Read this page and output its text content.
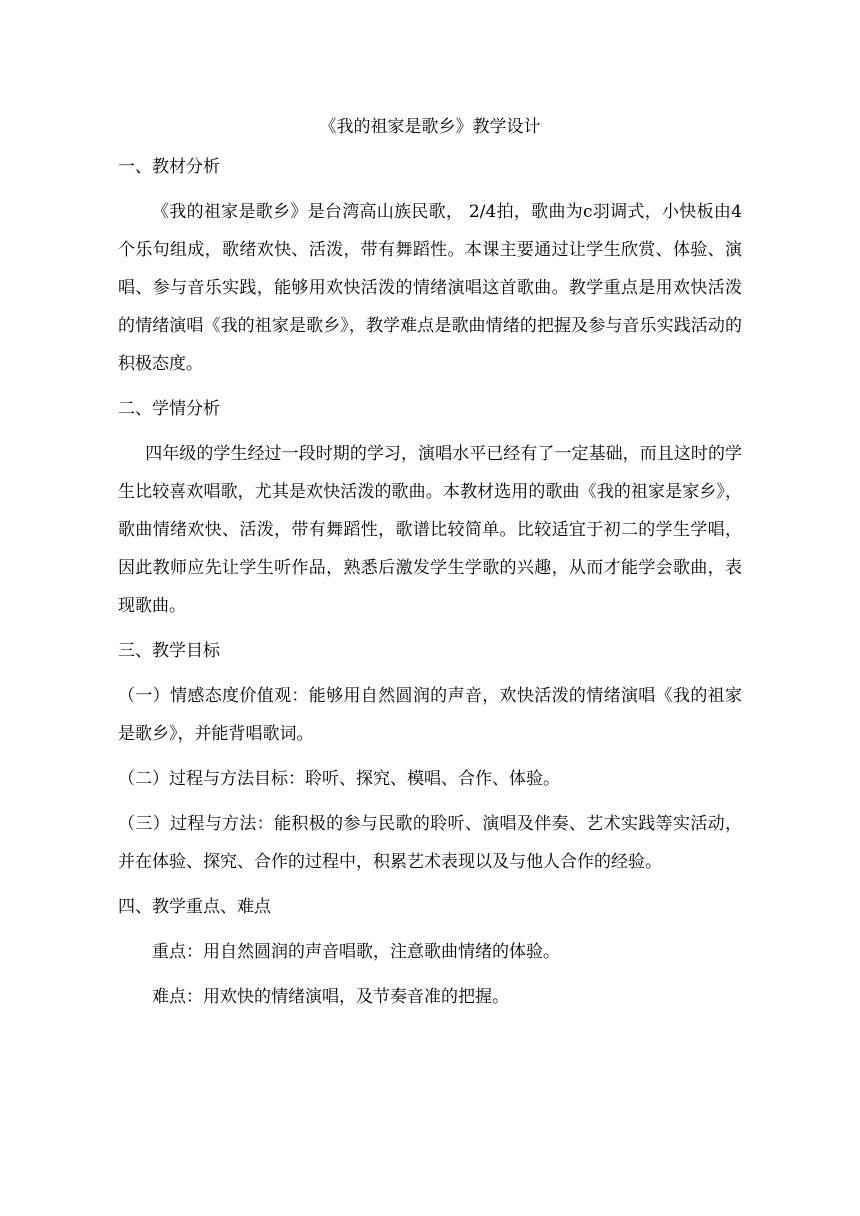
《我的祖家是歌乡》教学设计
一、教材分析

《我的祖家是歌乡》是台湾高山族民歌， 2/4拍，歌曲为c羽调式，小快板由4个乐句组成，歌绪欢快、活泼，带有舞蹈性。本课主要通过让学生欣赏、体验、演唱、参与音乐实践，能够用欢快活泼的情绪演唱这首歌曲。教学重点是用欢快活泼的情绪演唱《我的祖家是歌乡》，教学难点是歌曲情绪的把握及参与音乐实践活动的积极态度。

二、学情分析

四年级的学生经过一段时期的学习，演唱水平已经有了一定基础，而且这时的学生比较喜欢唱歌，尤其是欢快活泼的歌曲。本教材选用的歌曲《我的祖家是家乡》，歌曲情绪欢快、活泼，带有舞蹈性，歌谱比较简单。比较适宜于初二的学生学唱，因此教师应先让学生听作品，熟悉后激发学生学歌的兴趣，从而才能学会歌曲，表现歌曲。

三、教学目标

（一）情感态度价值观：能够用自然圆润的声音，欢快活泼的情绪演唱《我的祖家是歌乡》，并能背唱歌词。

（二）过程与方法目标：聆听、探究、模唱、合作、体验。

（三）过程与方法：能积极的参与民歌的聆听、演唱及伴奏、艺术实践等实活动，并在体验、探究、合作的过程中，积累艺术表现以及与他人合作的经验。

四、教学重点、难点

重点：用自然圆润的声音唱歌，注意歌曲情绪的体验。

难点：用欢快的情绪演唱，及节奏音准的把握。
